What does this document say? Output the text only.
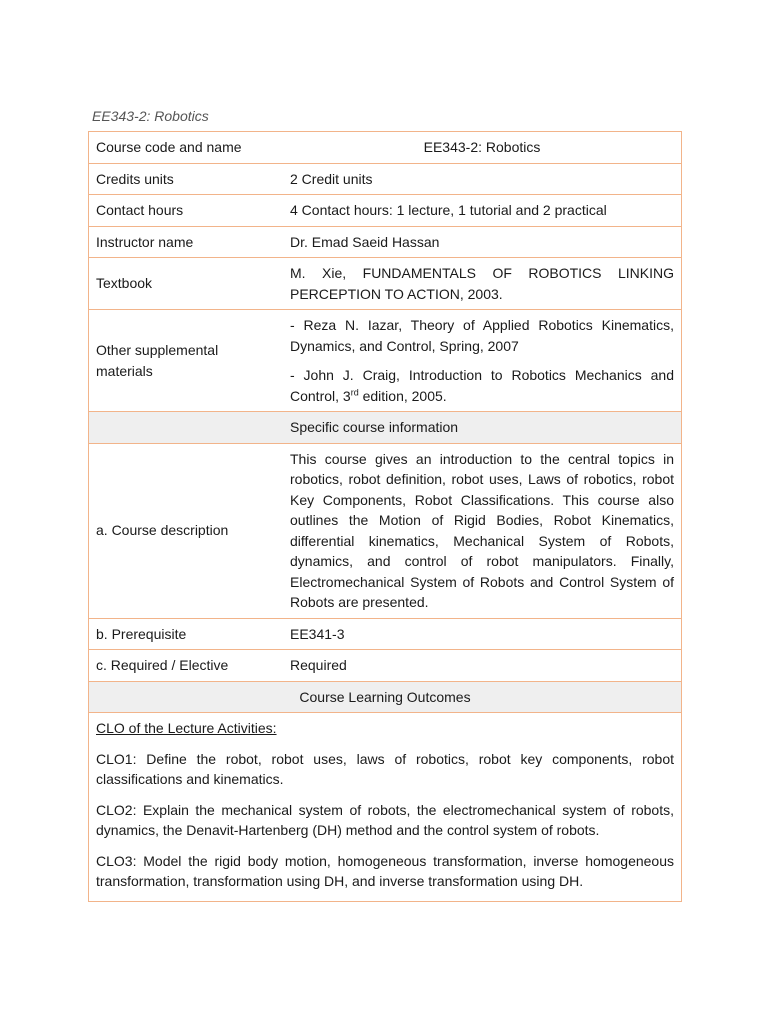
EE343-2: Robotics
Course code and name	EE343-2: Robotics
Credits units	2 Credit units
Contact hours	4 Contact hours: 1 lecture, 1 tutorial and 2 practical
Instructor name	Dr. Emad Saeid Hassan
Textbook	M. Xie, FUNDAMENTALS OF ROBOTICS LINKING PERCEPTION TO ACTION, 2003.
Other supplemental materials	- Reza N. Iazar, Theory of Applied Robotics Kinematics, Dynamics, and Control, Spring, 2007

- John J. Craig, Introduction to Robotics Mechanics and Control, 3rd edition, 2005.

	Specific course information
a. Course description	This course gives an introduction to the central topics in robotics, robot definition, robot uses, Laws of robotics, robot Key Components, Robot Classifications. This course also outlines the Motion of Rigid Bodies, Robot Kinematics, differential kinematics, Mechanical System of Robots, dynamics, and control of robot manipulators. Finally, Electromechanical System of Robots and Control System of Robots are presented.
b. Prerequisite	EE341-3
c. Required / Elective	Required
Course Learning Outcomes	

CLO of the Lecture Activities:

CLO1: Define the robot, robot uses, laws of robotics, robot key components, robot classifications and kinematics.

CLO2: Explain the mechanical system of robots, the electromechanical system of robots, dynamics, the Denavit-Hartenberg (DH) method and the control system of robots.

CLO3: Model the rigid body motion, homogeneous transformation, inverse homogeneous transformation, transformation using DH, and inverse transformation using DH.	
